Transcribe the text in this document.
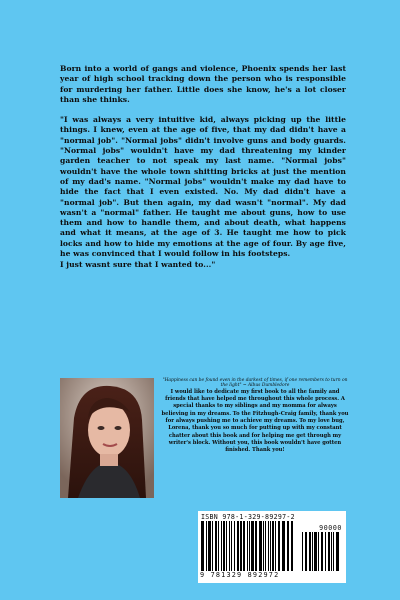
Born into a world of gangs and violence, Phoenix spends her last year of high school tracking down the person who is responsible for murdering her father. Little does she know, he's a lot closer than she thinks.

"I was always a very intuitive kid, always picking up the little things. I knew, even at the age of five, that my dad didn't have a "normal job". "Normal jobs" didn't involve guns and body guards. "Normal jobs" wouldn't have my dad threatening my kinder garden teacher to not speak my last name. "Normal jobs" wouldn't have the whole town shitting bricks at just the mention of my dad's name. "Normal jobs" wouldn't make my dad have to hide the fact that I even existed. No. My dad didn't have a "normal job". But then again, my dad wasn't "normal". My dad wasn't a "normal" father. He taught me about guns, how to use them and how to handle them, and about death, what happens and what it means, at the age of 3. He taught me how to pick locks and how to hide my emotions at the age of four. By age five, he was convinced that I would follow in his footsteps.

I just wasnt sure that I wanted to..."

"Happiness can be found even in the darkest of times, if one remembers to turn on the light" ~ Albus Dumbledore
I would like to dedicate my first book to all the family and friends that have helped me throughout this whole process. A special thanks to my siblings and my momma for always believing in my dreams. To the Fitzhugh-Craig family, thank you for always pushing me to achieve my dreams. To my love bug, Lorena, thank you so much for putting up with my constant chatter about this book and for helping me get through my writer's block. Without you, this book wouldn't have gotten finished. Thank you!
ISBN 978-1-329-89297-2
90000
9 781329 892972
